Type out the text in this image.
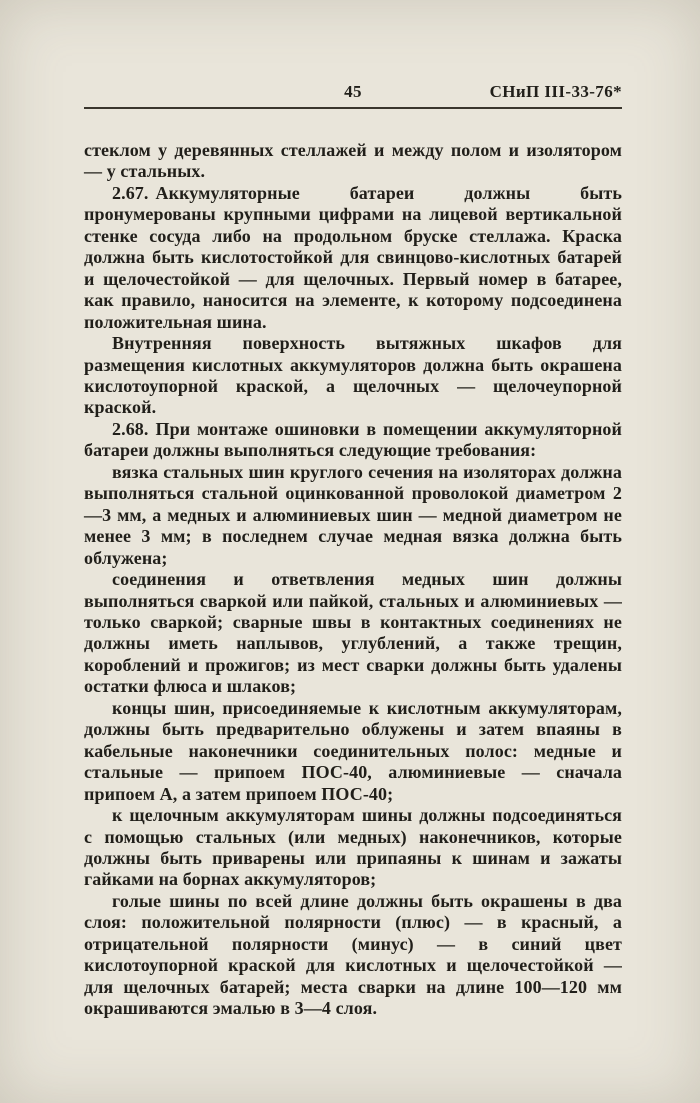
45	СНиП III-33-76*

стеклом у деревянных стеллажей и между полом и изолятором — у стальных.

2.67. Аккумуляторные батареи должны быть пронумерованы крупными цифрами на лицевой вертикальной стенке сосуда либо на продольном бруске стеллажа. Краска должна быть кислотостойкой для свинцово-кислотных батарей и щелочестойкой — для щелочных. Первый номер в батарее, как правило, наносится на элементе, к которому подсоединена положительная шина.

Внутренняя поверхность вытяжных шкафов для размещения кислотных аккумуляторов должна быть окрашена кислотоупорной краской, а щелочных — щелочеупорной краской.

2.68. При монтаже ошиновки в помещении аккумуляторной батареи должны выполняться следующие требования:

вязка стальных шин круглого сечения на изоляторах должна выполняться стальной оцинкованной проволокой диаметром 2—3 мм, а медных и алюминиевых шин — медной диаметром не менее 3 мм; в последнем случае медная вязка должна быть облужена;

соединения и ответвления медных шин должны выполняться сваркой или пайкой, стальных и алюминиевых — только сваркой; сварные швы в контактных соединениях не должны иметь наплывов, углублений, а также трещин, короблений и прожигов; из мест сварки должны быть удалены остатки флюса и шлаков;

концы шин, присоединяемые к кислотным аккумуляторам, должны быть предварительно облужены и затем впаяны в кабельные наконечники соединительных полос: медные и стальные — припоем ПОС-40, алюминиевые — сначала припоем А, а затем припоем ПОС-40;

к щелочным аккумуляторам шины должны подсоединяться с помощью стальных (или медных) наконечников, которые должны быть приварены или припаяны к шинам и зажаты гайками на борнах аккумуляторов;

голые шины по всей длине должны быть окрашены в два слоя: положительной полярности (плюс) — в красный, а отрицательной полярности (минус) — в синий цвет кислотоупорной краской для кислотных и щелочестойкой — для щелочных батарей; места сварки на длине 100—120 мм окрашиваются эмалью в 3—4 слоя.
